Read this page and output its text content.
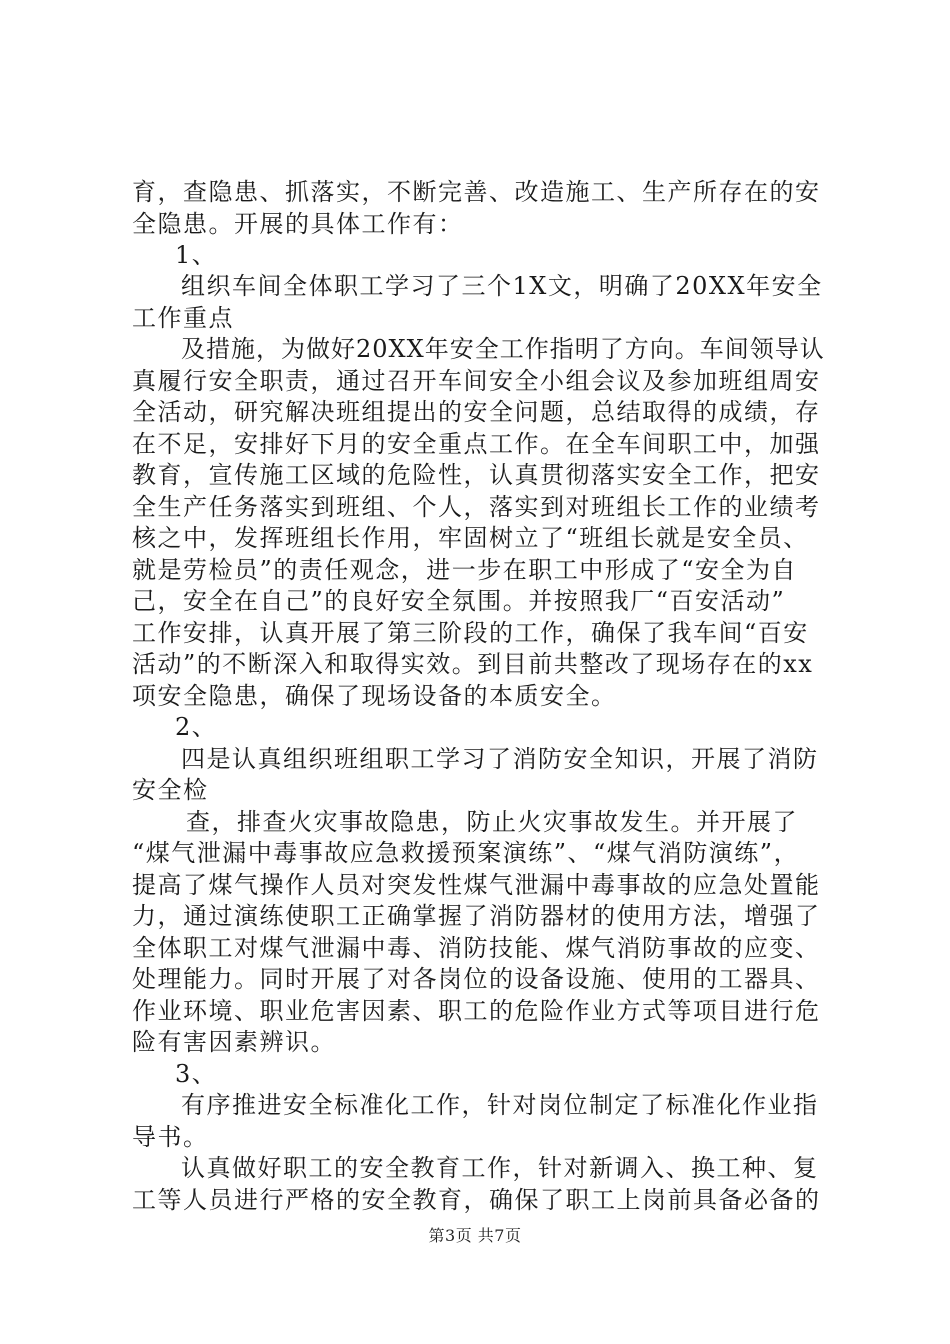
育，查隐患、抓落实，不断完善、改造施工、生产所存在的安
全隐患。开展的具体工作有：
1、
组织车间全体职工学习了三个1X文，明确了20XX年安全
工作重点
及措施，为做好20XX年安全工作指明了方向。车间领导认
真履行安全职责，通过召开车间安全小组会议及参加班组周安
全活动，研究解决班组提出的安全问题，总结取得的成绩，存
在不足，安排好下月的安全重点工作。在全车间职工中，加强
教育，宣传施工区域的危险性，认真贯彻落实安全工作，把安
全生产任务落实到班组、个人，落实到对班组长工作的业绩考
核之中，发挥班组长作用，牢固树立了“班组长就是安全员、
就是劳检员”的责任观念，进一步在职工中形成了“安全为自
己，安全在自己”的良好安全氛围。并按照我厂“百安活动”
工作安排，认真开展了第三阶段的工作，确保了我车间“百安
活动”的不断深入和取得实效。到目前共整改了现场存在的xx
项安全隐患，确保了现场设备的本质安全。
2、
四是认真组织班组职工学习了消防安全知识，开展了消防
安全检
查，排查火灾事故隐患，防止火灾事故发生。并开展了
“煤气泄漏中毒事故应急救援预案演练”、“煤气消防演练”，
提高了煤气操作人员对突发性煤气泄漏中毒事故的应急处置能
力，通过演练使职工正确掌握了消防器材的使用方法，增强了
全体职工对煤气泄漏中毒、消防技能、煤气消防事故的应变、
处理能力。同时开展了对各岗位的设备设施、使用的工器具、
作业环境、职业危害因素、职工的危险作业方式等项目进行危
险有害因素辨识。
3、
有序推进安全标准化工作，针对岗位制定了标准化作业指
导书。
认真做好职工的安全教育工作，针对新调入、换工种、复
工等人员进行严格的安全教育，确保了职工上岗前具备必备的
第3页 共7页
